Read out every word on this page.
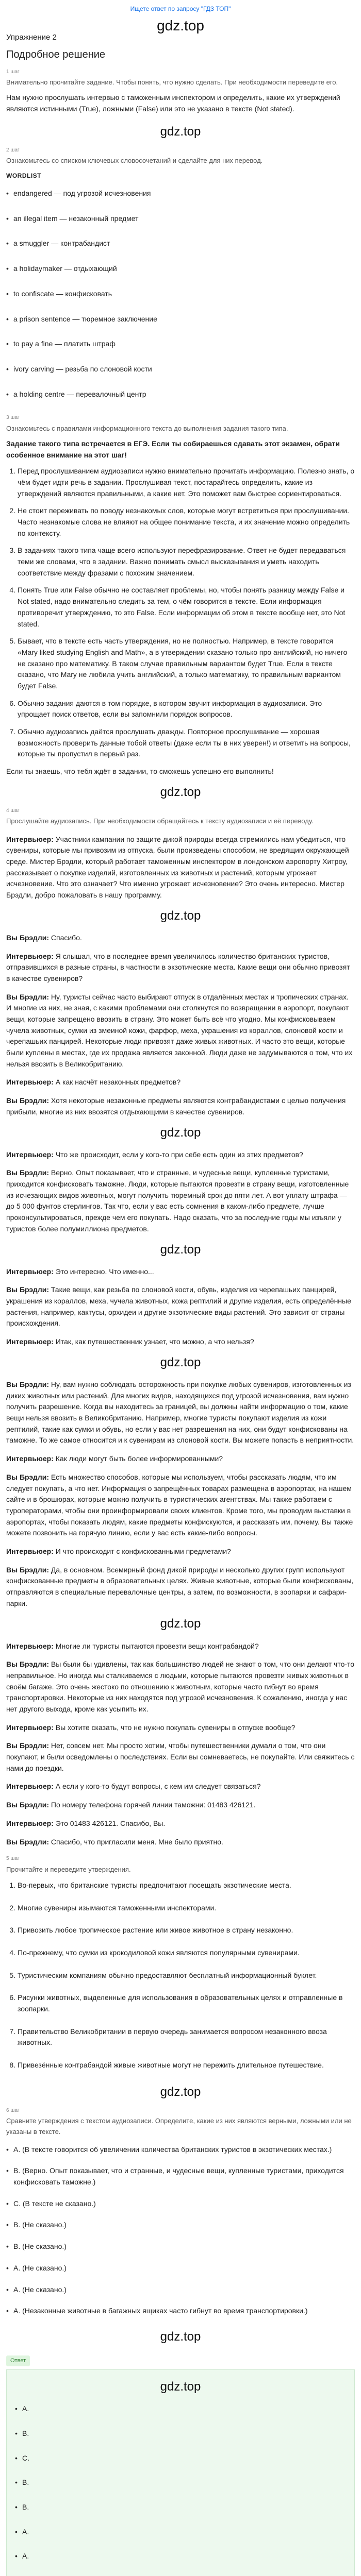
Ищете ответ по запросу "ГДЗ ТОП"
gdz.top
Упражнение 2
Подробное решение
1 шаг
Внимательно прочитайте задание. Чтобы понять, что нужно сделать. При необходимости переведите его.

Нам нужно прослушать интервью с таможенным инспектором и определить, какие их утверждений являются истинными (True), ложными (False) или это не указано в тексте (Not stated).

gdz.top
2 шаг
Ознакомьтесь со списком ключевых словосочетаний и сделайте для них перевод.
WORDLIST
• endangered — под угрозой исчезновения
• an illegal item — незаконный предмет
• a smuggler — контрабандист
• a holidaymaker — отдыхающий
• to confiscate — конфисковать
• a prison sentence — тюремное заключение
• to pay a fine — платить штраф
• ivory carving — резьба по слоновой кости
• a holding centre — перевалочный центр
3 шаг
Ознакомьтесь с правилами информационного текста до выполнения задания такого типа.

Задание такого типа встречается в ЕГЭ. Если ты собираешься сдавать этот экзамен, обрати особенное внимание на этот шаг!

1. Перед прослушиванием аудиозаписи нужно внимательно прочитать информацию. Полезно знать, о чём будет идти речь в задании. Прослушивая текст, постарайтесь определить, какие из утверждений являются правильными, а какие нет. Это поможет вам быстрее сориентироваться.
2. Не стоит переживать по поводу незнакомых слов, которые могут встретиться при прослушивании. Часто незнакомые слова не влияют на общее понимание текста, и их значение можно определить по контексту.
3. В заданиях такого типа чаще всего используют перефразирование. Ответ не будет передаваться теми же словами, что в задании. Важно понимать смысл высказывания и уметь находить соответствие между фразами с похожим значением.
4. Понять True или False обычно не составляет проблемы, но, чтобы понять разницу между False и Not stated, надо внимательно следить за тем, о чём говорится в тексте. Если информация противоречит утверждению, то это False. Если информации об этом в тексте вообще нет, это Not stated.
5. Бывает, что в тексте есть часть утверждения, но не полностью. Например, в тексте говорится «Mary liked studying English and Math», а в утверждении сказано только про английский, но ничего не сказано про математику. В таком случае правильным вариантом будет True. Если в тексте сказано, что Mary не любила учить английский, а только математику, то правильным вариантом будет False.
6. Обычно задания даются в том порядке, в котором звучит информация в аудиозаписи. Это упрощает поиск ответов, если вы запомнили порядок вопросов.
7. Обычно аудиозапись даётся прослушать дважды. Повторное прослушивание — хорошая возможность проверить данные тобой ответы (даже если ты в них уверен!) и ответить на вопросы, которые ты пропустил в первый раз.

Если ты знаешь, что тебя ждёт в задании, то сможешь успешно его выполнить!

gdz.top
4 шаг
Прослушайте аудиозапись. При необходимости обращайтесь к тексту аудиозаписи и её переводу.

Интервьюер: Участники кампании по защите дикой природы всегда стремились нам убедиться, что сувениры, которые мы привозим из отпуска, были произведены способом, не вредящим окружающей среде. Мистер Брэдли, который работает таможенным инспектором в лондонском аэропорту Хитроу, рассказывает о покупке изделий, изготовленных из животных и растений, которым угрожает исчезновение. Что это означает? Что именно угрожает исчезновение? Это очень интересно. Мистер Брэдли, добро пожаловать в нашу программу.

gdz.top

Вы Брэдли: Спасибо.

Интервьюер: Я слышал, что в последнее время увеличилось количество британских туристов, отправившихся в разные страны, в частности в экзотические места. Какие вещи они обычно привозят в качестве сувениров?

Вы Брэдли: Ну, туристы сейчас часто выбирают отпуск в отдалённых местах и тропических странах. И многие из них, не зная, с какими проблемами они столкнутся по возвращении в аэропорт, покупают вещи, которые запрещено ввозить в страну. Это может быть всё что угодно. Мы конфисковываем чучела животных, сумки из змеиной кожи, фарфор, меха, украшения из кораллов, слоновой кости и черепашьих панцирей. Некоторые люди привозят даже живых животных. И часто это вещи, которые были куплены в местах, где их продажа является законной. Люди даже не задумываются о том, что их нельзя ввозить в Великобританию.

Интервьюер: А как насчёт незаконных предметов?

Вы Брэдли: Хотя некоторые незаконные предметы являются контрабандистами с целью получения прибыли, многие из них ввозятся отдыхающими в качестве сувениров.

gdz.top

Интервьюер: Что же происходит, если у кого-то при себе есть один из этих предметов?

Вы Брэдли: Верно. Опыт показывает, что и странные, и чудесные вещи, купленные туристами, приходится конфисковать таможне. Люди, которые пытаются провезти в страну вещи, изготовленные из исчезающих видов животных, могут получить тюремный срок до пяти лет. А вот уплату штрафа — до 5 000 фунтов стерлингов. Так что, если у вас есть сомнения в каком-либо предмете, лучше проконсультироваться, прежде чем его покупать. Надо сказать, что за последние годы мы изъяли у туристов более полумиллиона предметов.

gdz.top

Интервьюер: Это интересно. Что именно...

Вы Брэдли: Такие вещи, как резьба по слоновой кости, обувь, изделия из черепашьих панцирей, украшения из кораллов, меха, чучела животных, кожа рептилий и другие изделия, есть определённые растения, например, кактусы, орхидеи и другие экзотические виды растений. Это зависит от страны происхождения.

Интервьюер: Итак, как путешественник узнает, что можно, а что нельзя?

gdz.top

Вы Брэдли: Ну, вам нужно соблюдать осторожность при покупке любых сувениров, изготовленных из диких животных или растений. Для многих видов, находящихся под угрозой исчезновения, вам нужно получить разрешение. Когда вы находитесь за границей, вы должны найти информацию о том, какие вещи нельзя ввозить в Великобританию. Например, многие туристы покупают изделия из кожи рептилий, такие как сумки и обувь, но если у вас нет разрешения на них, они будут конфискованы на таможне. То же самое относится и к сувенирам из слоновой кости. Вы можете попасть в неприятности.

Интервьюер: Как люди могут быть более информированными?

Вы Брэдли: Есть множество способов, которые мы используем, чтобы рассказать людям, что им следует покупать, а что нет. Информация о запрещённых товарах размещена в аэропортах, на нашем сайте и в брошюрах, которые можно получить в туристических агентствах. Мы также работаем с туроператорами, чтобы они проинформировали своих клиентов. Кроме того, мы проводим выставки в аэропортах, чтобы показать людям, какие предметы конфискуются, и рассказать им, почему. Вы также можете позвонить на горячую линию, если у вас есть какие-либо вопросы.

Интервьюер: И что происходит с конфискованными предметами?

Вы Брэдли: Да, в основном. Всемирный фонд дикой природы и несколько других групп используют конфискованные предметы в образовательных целях. Живые животные, которые были конфискованы, отправляются в специальные перевалочные центры, а затем, по возможности, в зоопарки и сафари-парки.

gdz.top

Интервьюер: Многие ли туристы пытаются провезти вещи контрабандой?

Вы Брэдли: Вы были бы удивлены, так как большинство людей не знают о том, что они делают что-то неправильное. Но иногда мы сталкиваемся с людьми, которые пытаются провезти живых животных в своём багаже. Это очень жестоко по отношению к животным, которые часто гибнут во время транспортировки. Некоторые из них находятся под угрозой исчезновения. К сожалению, иногда у нас нет другого выхода, кроме как усыпить их.

Интервьюер: Вы хотите сказать, что не нужно покупать сувениры в отпуске вообще?

Вы Брэдли: Нет, совсем нет. Мы просто хотим, чтобы путешественники думали о том, что они покупают, и были осведомлены о последствиях. Если вы сомневаетесь, не покупайте. Или свяжитесь с нами до поездки.

Интервьюер: А если у кого-то будут вопросы, с кем им следует связаться?

Вы Брэдли: По номеру телефона горячей линии таможни: 01483 426121.

Интервьюер: Это 01483 426121. Спасибо, Вы.

Вы Брэдли: Спасибо, что пригласили меня. Мне было приятно.

5 шаг
Прочитайте и переведите утверждения.
1. Во-первых, что британские туристы предпочитают посещать экзотические места.
2. Многие сувениры изымаются таможенными инспекторами.
3. Привозить любое тропическое растение или живое животное в страну незаконно.
4. По-прежнему, что сумки из крокодиловой кожи являются популярными сувенирами.
5. Туристическим компаниям обычно предоставляют бесплатный информационный буклет.
6. Рисунки животных, выделенные для использования в образовательных целях и отправленные в зоопарки.
7. Правительство Великобритании в первую очередь занимается вопросом незаконного ввоза животных.
8. Привезённые контрабандой живые животные могут не пережить длительное путешествие.
gdz.top
6 шаг
Сравните утверждения с текстом аудиозаписи. Определите, какие из них являются верными, ложными или не указаны в тексте.
• А. (В тексте говорится об увеличении количества британских туристов в экзотических местах.)
• В. (Верно. Опыт показывает, что и странные, и чудесные вещи, купленные туристами, приходится конфисковать таможне.)
• С. (В тексте не сказано.)
• В. (Не сказано.)
• В. (Не сказано.)
• А. (Не сказано.)
• А. (Не сказано.)
• А. (Незаконные животные в багажных ящиках часто гибнут во время транспортировки.)
gdz.top
Ответ
gdz.top
• A.
• B.
• C.
• B.
• B.
• A.
• A.
•
